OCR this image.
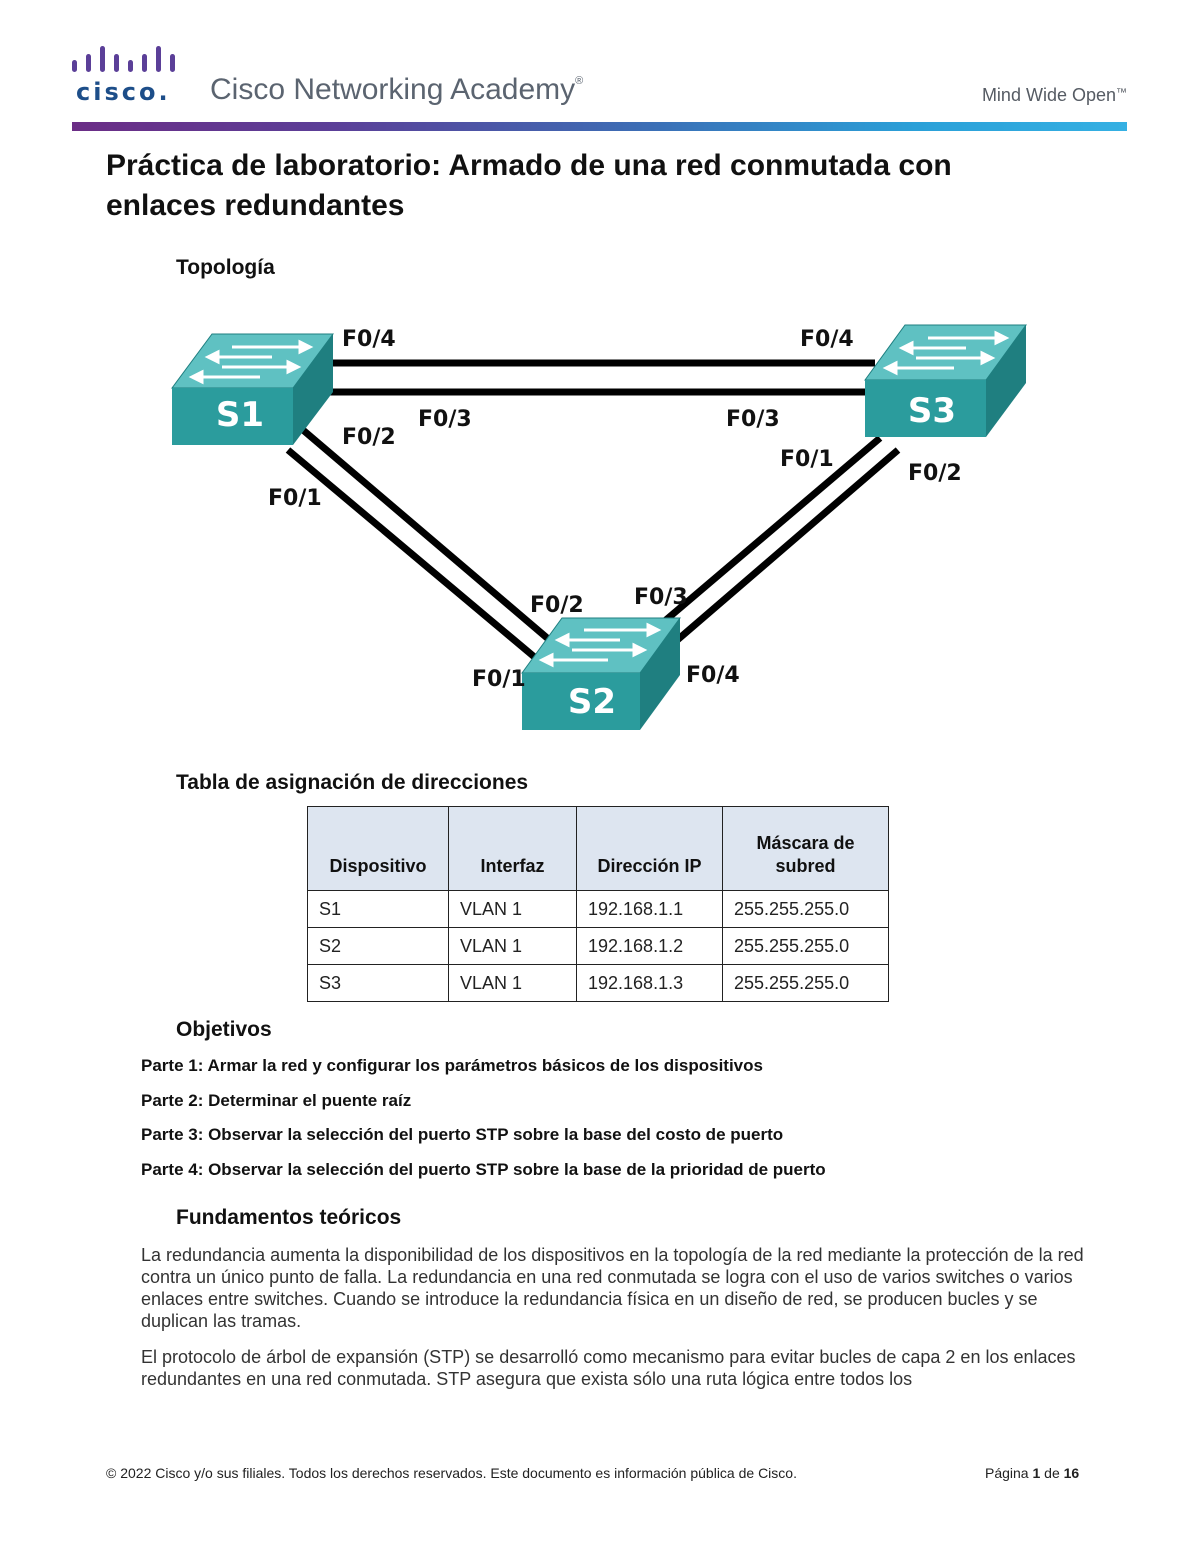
cisco. Cisco Networking Academy®
Mind Wide Open™
Práctica de laboratorio: Armado de una red conmutada con enlaces redundantes
Topología
S1	S3
S2
F0/4	F0/4
F0/3	F0/3
F0/2
F0/1
F0/1
F0/2
F0/2 F0/3
F0/1	F0/4
Tabla de asignación de direcciones
Dispositivo	Interfaz	Dirección IP	Máscara de subred
S1	VLAN 1	192.168.1.1	255.255.255.0
S2	VLAN 1	192.168.1.2	255.255.255.0
S3	VLAN 1	192.168.1.3	255.255.255.0
Objetivos

Parte 1: Armar la red y configurar los parámetros básicos de los dispositivos

Parte 2: Determinar el puente raíz

Parte 3: Observar la selección del puerto STP sobre la base del costo de puerto

Parte 4: Observar la selección del puerto STP sobre la base de la prioridad de puerto

Fundamentos teóricos

La redundancia aumenta la disponibilidad de los dispositivos en la topología de la red mediante la protección de la red contra un único punto de falla. La redundancia en una red conmutada se logra con el uso de varios switches o varios enlaces entre switches. Cuando se introduce la redundancia física en un diseño de red, se producen bucles y se duplican las tramas.

El protocolo de árbol de expansión (STP) se desarrolló como mecanismo para evitar bucles de capa 2 en los enlaces redundantes en una red conmutada. STP asegura que exista sólo una ruta lógica entre todos los

© 2022 Cisco y/o sus filiales. Todos los derechos reservados. Este documento es información pública de Cisco.	Página 1 de 16
